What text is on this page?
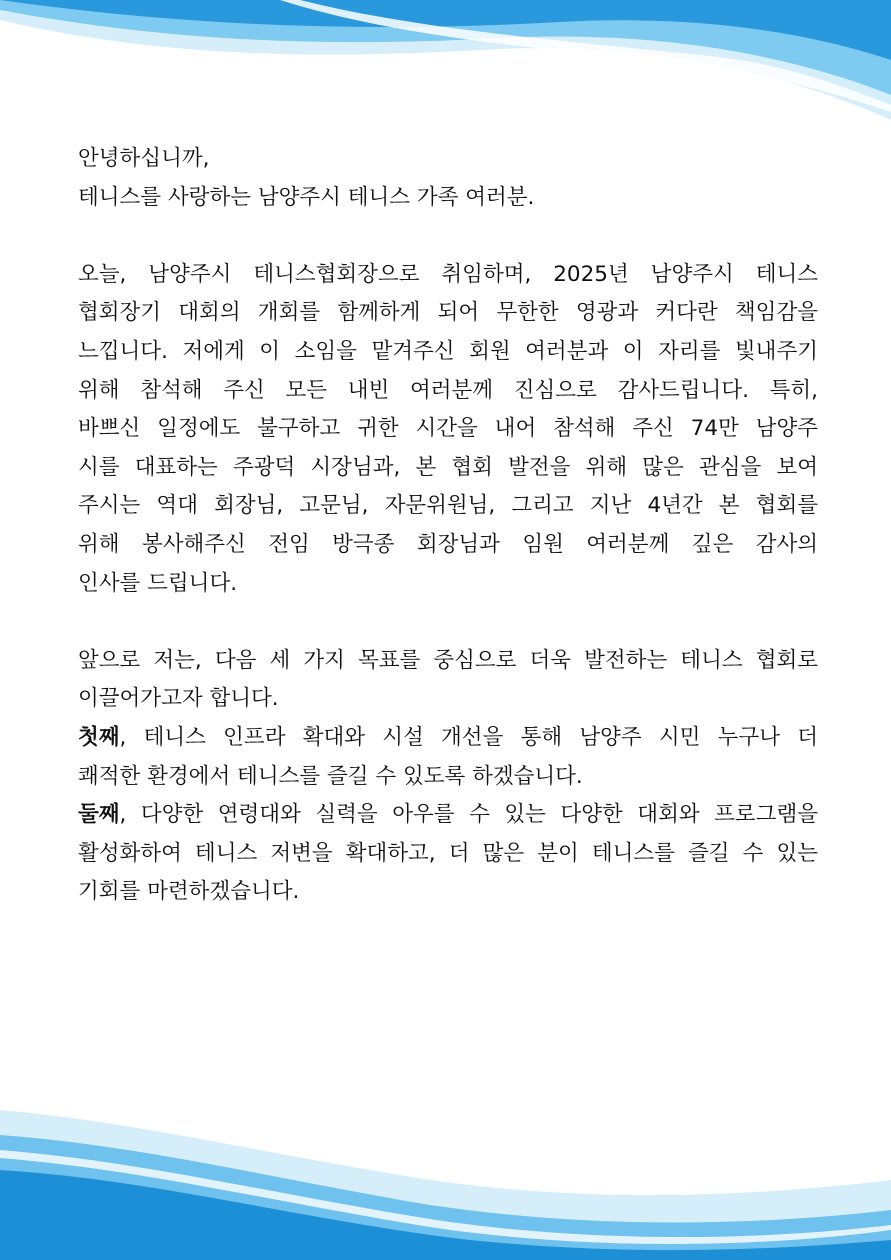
안녕하십니까,
테니스를 사랑하는 남양주시 테니스 가족 여러분.
오늘, 남양주시 테니스협회장으로 취임하며, 2025년 남양주시 테니스
협회장기 대회의 개회를 함께하게 되어 무한한 영광과 커다란 책임감을
느낍니다. 저에게 이 소임을 맡겨주신 회원 여러분과 이 자리를 빛내주기
위해 참석해 주신 모든 내빈 여러분께 진심으로 감사드립니다. 특히,
바쁘신 일정에도 불구하고 귀한 시간을 내어 참석해 주신 74만 남양주
시를 대표하는 주광덕 시장님과, 본 협회 발전을 위해 많은 관심을 보여
주시는 역대 회장님, 고문님, 자문위원님, 그리고 지난 4년간 본 협회를
위해 봉사해주신 전임 방극종 회장님과 임원 여러분께 깊은 감사의
인사를 드립니다.
앞으로 저는, 다음 세 가지 목표를 중심으로 더욱 발전하는 테니스 협회로
이끌어가고자 합니다.
첫째, 테니스 인프라 확대와 시설 개선을 통해 남양주 시민 누구나 더
쾌적한 환경에서 테니스를 즐길 수 있도록 하겠습니다.
둘째, 다양한 연령대와 실력을 아우를 수 있는 다양한 대회와 프로그램을
활성화하여 테니스 저변을 확대하고, 더 많은 분이 테니스를 즐길 수 있는
기회를 마련하겠습니다.
